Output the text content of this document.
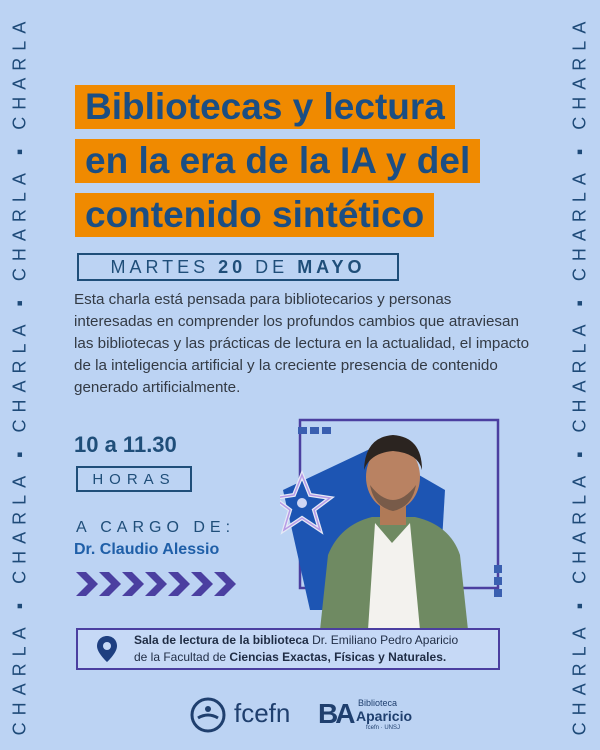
CHARLA ▪ CHARLA ▪ CHARLA ▪ CHARLA ▪ CHARLA	CHARLA ▪ CHARLA ▪ CHARLA ▪ CHARLA ▪ CHARLA
Bibliotecas y lectura
en la era de la IA y del
contenido sintético
MARTES 20 DE MAYO
Esta charla está pensada para bibliotecarios y personas interesadas en comprender los profundos cambios que atraviesan las bibliotecas y las prácticas de lectura en la actualidad, el impacto de la inteligencia artificial y la creciente presencia de contenido generado artificialmente.
10 a 11.30
HORAS
A CARGO DE:
Dr. Claudio Alessio
Sala de lectura de la biblioteca Dr. Emiliano Pedro Aparicio
de la Facultad de Ciencias Exactas, Físicas y Naturales.
fcefn BA Biblioteca
Aparicio
fcefn · UNSJ
